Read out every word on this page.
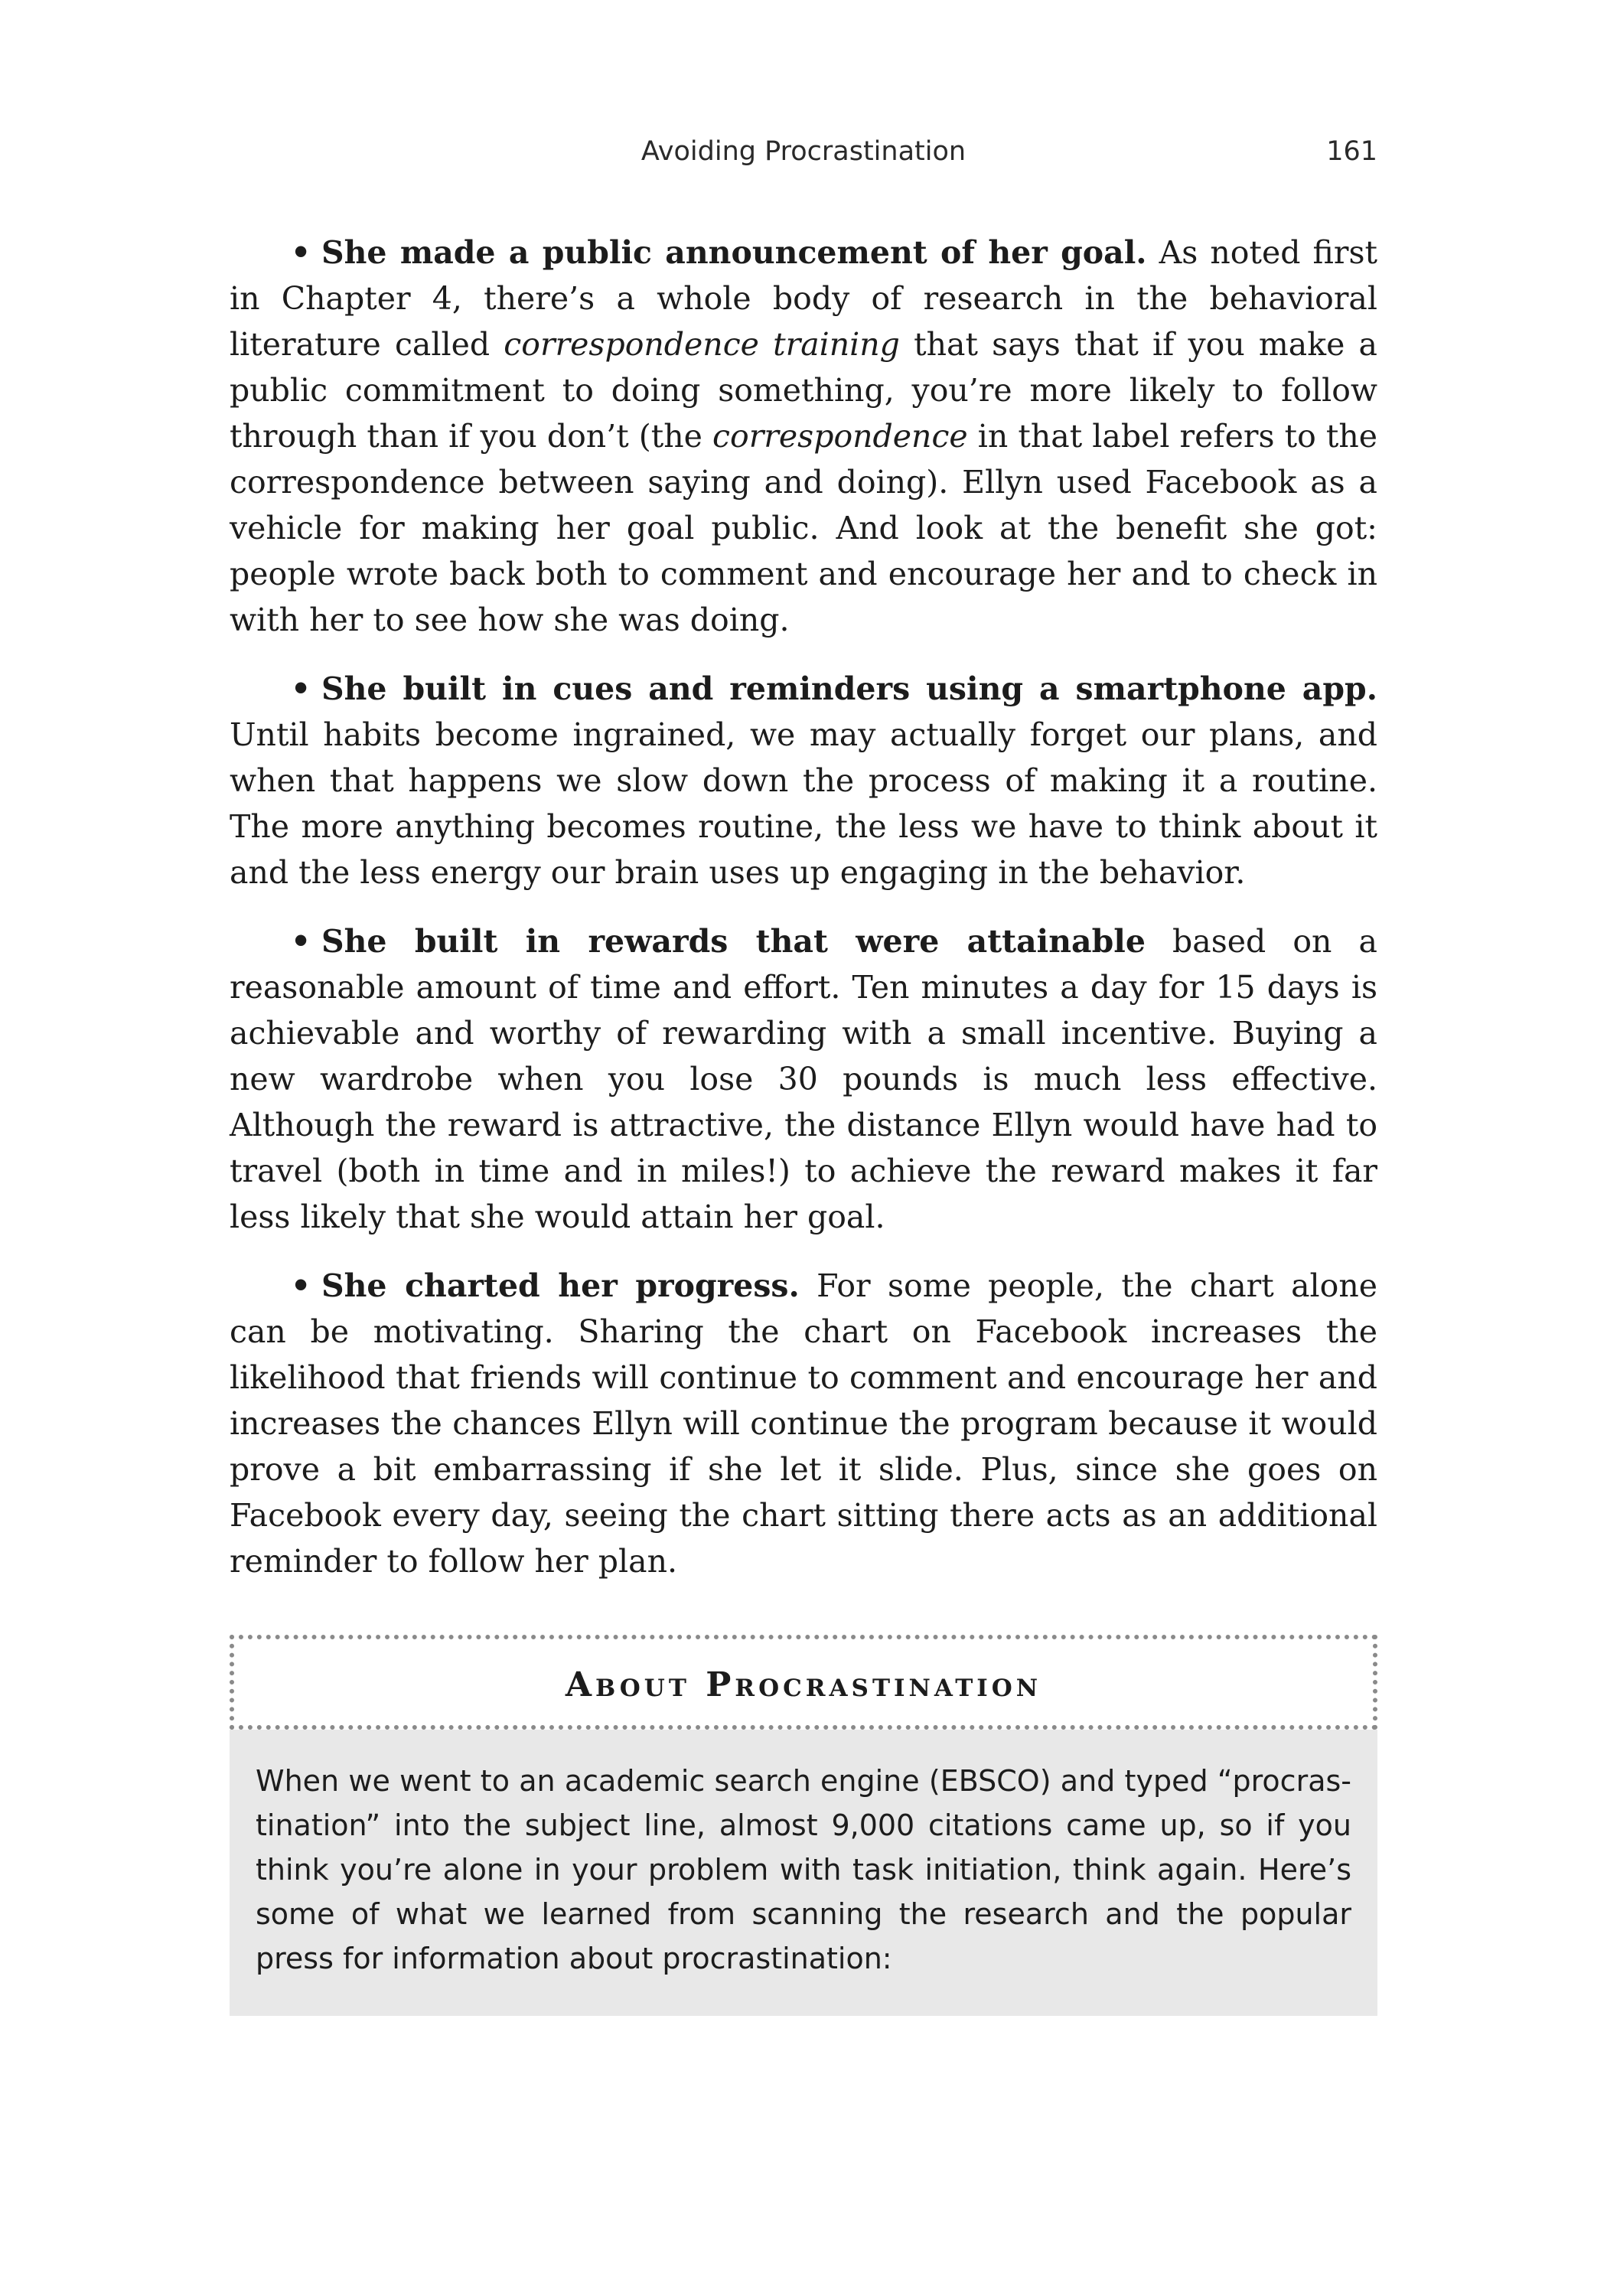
Avoiding Procrastination	161

• She made a public announcement of her goal. As noted first in Chapter 4, there’s a whole body of research in the behavioral literature called correspondence training that says that if you make a public commitment to doing something, you’re more likely to follow through than if you don’t (the correspondence in that label refers to the correspondence between saying and doing). Ellyn used Facebook as a vehicle for making her goal public. And look at the benefit she got: people wrote back both to comment and encourage her and to check in with her to see how she was doing.

• She built in cues and reminders using a smartphone app. Until habits become ingrained, we may actually forget our plans, and when that happens we slow down the process of making it a routine. The more anything becomes routine, the less we have to think about it and the less energy our brain uses up engaging in the behavior.

• She built in rewards that were attainable based on a reasonable amount of time and effort. Ten minutes a day for 15 days is achievable and worthy of rewarding with a small incentive. Buying a new wardrobe when you lose 30 pounds is much less effective. Although the reward is attractive, the distance Ellyn would have had to travel (both in time and in miles!) to achieve the reward makes it far less likely that she would attain her goal.

• She charted her progress. For some people, the chart alone can be motivating. Sharing the chart on Facebook increases the likelihood that friends will continue to comment and encourage her and increases the chances Ellyn will continue the program because it would prove a bit embarrassing if she let it slide. Plus, since she goes on Facebook every day, seeing the chart sitting there acts as an additional reminder to follow her plan.

About Procrastination

When we went to an academic search engine (EBSCO) and typed “procrastination” into the subject line, almost 9,000 citations came up, so if you think you’re alone in your problem with task initiation, think again. Here’s some of what we learned from scanning the research and the popular press for information about procrastination:
